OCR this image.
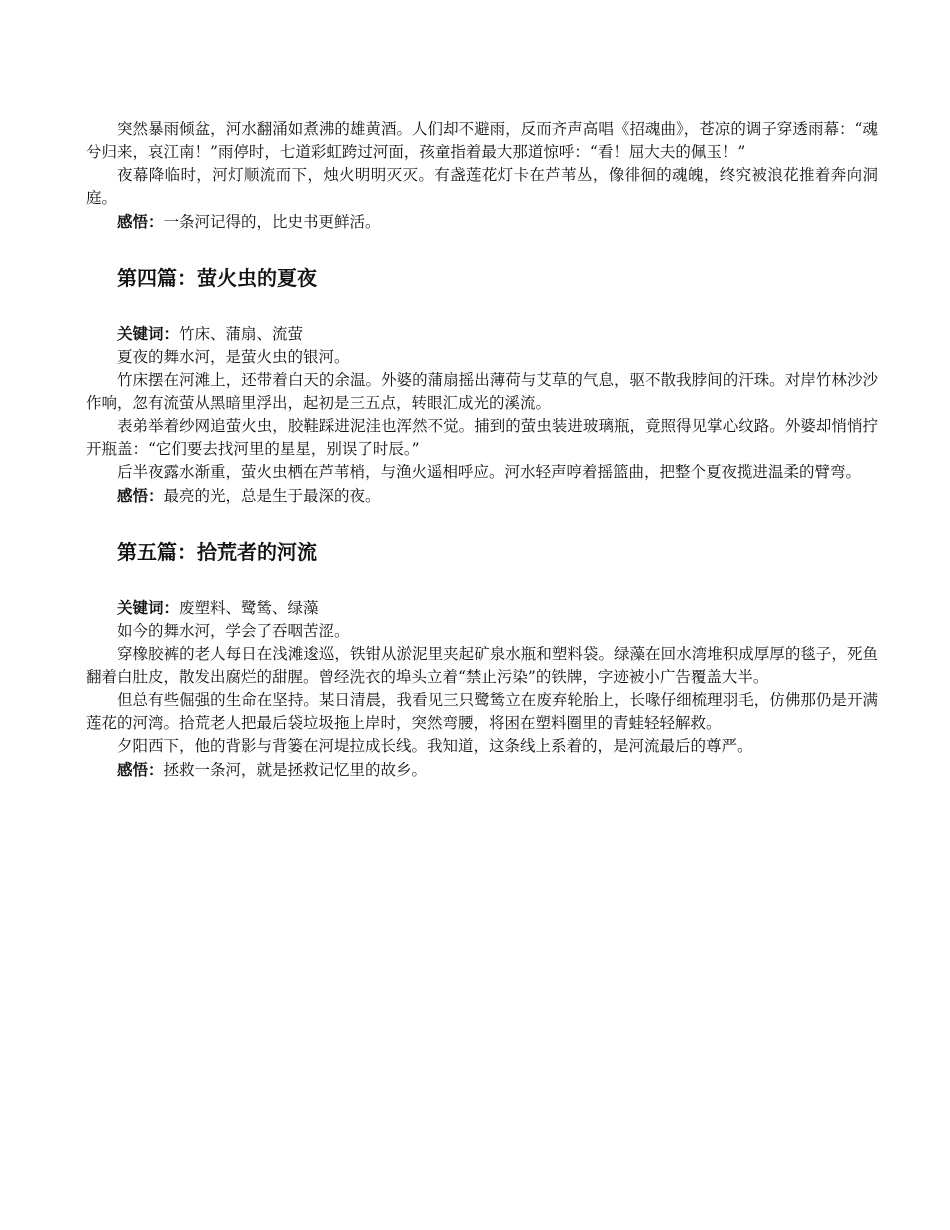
突然暴雨倾盆，河水翻涌如煮沸的雄黄酒。人们却不避雨，反而齐声高唱《招魂曲》，苍凉的调子穿透雨幕：“魂兮归来，哀江南！”雨停时，七道彩虹跨过河面，孩童指着最大那道惊呼：“看！屈大夫的佩玉！”

夜幕降临时，河灯顺流而下，烛火明明灭灭。有盏莲花灯卡在芦苇丛，像徘徊的魂魄，终究被浪花推着奔向洞庭。

感悟：一条河记得的，比史书更鲜活。

第四篇：萤火虫的夏夜

关键词：竹床、蒲扇、流萤

夏夜的舞水河，是萤火虫的银河。

竹床摆在河滩上，还带着白天的余温。外婆的蒲扇摇出薄荷与艾草的气息，驱不散我脖间的汗珠。对岸竹林沙沙作响，忽有流萤从黑暗里浮出，起初是三五点，转眼汇成光的溪流。

表弟举着纱网追萤火虫，胶鞋踩进泥洼也浑然不觉。捕到的萤虫装进玻璃瓶，竟照得见掌心纹路。外婆却悄悄拧开瓶盖：“它们要去找河里的星星，别误了时辰。”

后半夜露水渐重，萤火虫栖在芦苇梢，与渔火遥相呼应。河水轻声哼着摇篮曲，把整个夏夜揽进温柔的臂弯。

感悟：最亮的光，总是生于最深的夜。

第五篇：拾荒者的河流

关键词：废塑料、鹭鸶、绿藻

如今的舞水河，学会了吞咽苦涩。

穿橡胶裤的老人每日在浅滩逡巡，铁钳从淤泥里夹起矿泉水瓶和塑料袋。绿藻在回水湾堆积成厚厚的毯子，死鱼翻着白肚皮，散发出腐烂的甜腥。曾经洗衣的埠头立着“禁止污染”的铁牌，字迹被小广告覆盖大半。

但总有些倔强的生命在坚持。某日清晨，我看见三只鹭鸶立在废弃轮胎上，长喙仔细梳理羽毛，仿佛那仍是开满莲花的河湾。拾荒老人把最后袋垃圾拖上岸时，突然弯腰，将困在塑料圈里的青蛙轻轻解救。

夕阳西下，他的背影与背篓在河堤拉成长线。我知道，这条线上系着的，是河流最后的尊严。

感悟：拯救一条河，就是拯救记忆里的故乡。
